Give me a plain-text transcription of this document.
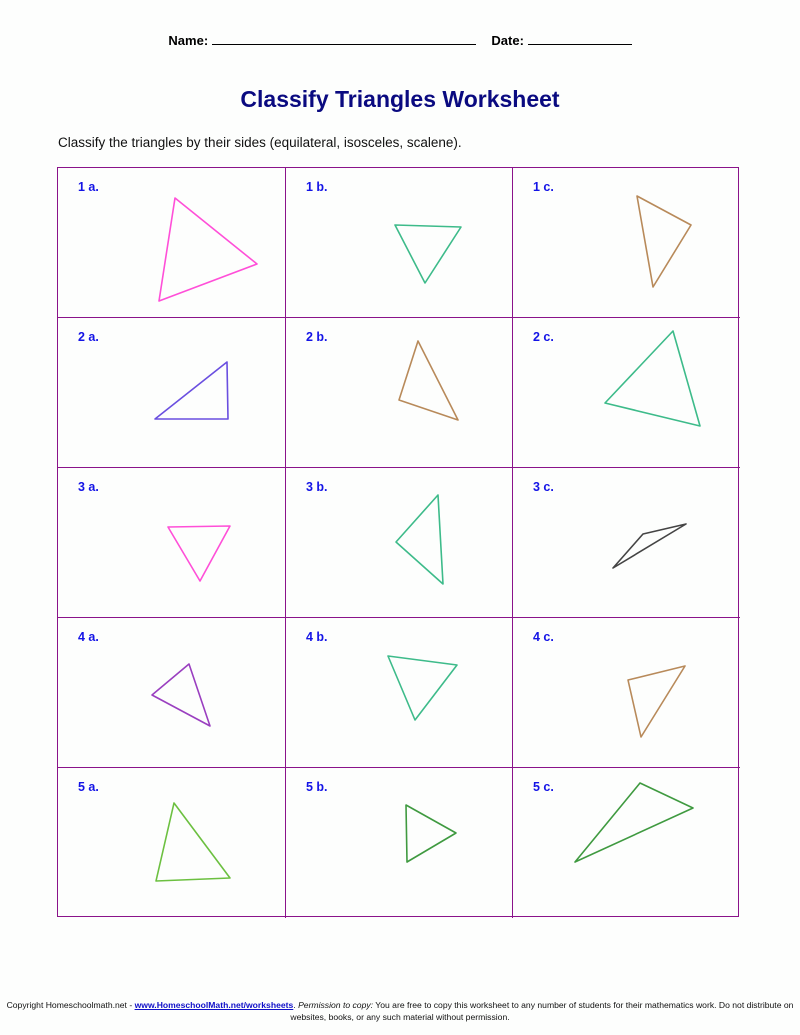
Name:	Date:
Classify Triangles Worksheet
Classify the triangles by their sides (equilateral, isosceles, scalene).
1 a.	1 b.	1 c.
2 a.	2 b.	2 c.
3 a.	3 b.	3 c.
4 a.	4 b.	4 c.
5 a.	5 b.	5 c.
Copyright Homeschoolmath.net - www.HomeschoolMath.net/worksheets. Permission to copy: You are free to copy this worksheet to any number of students for their mathematics work. Do not distribute on websites, books, or any such material without permission.
